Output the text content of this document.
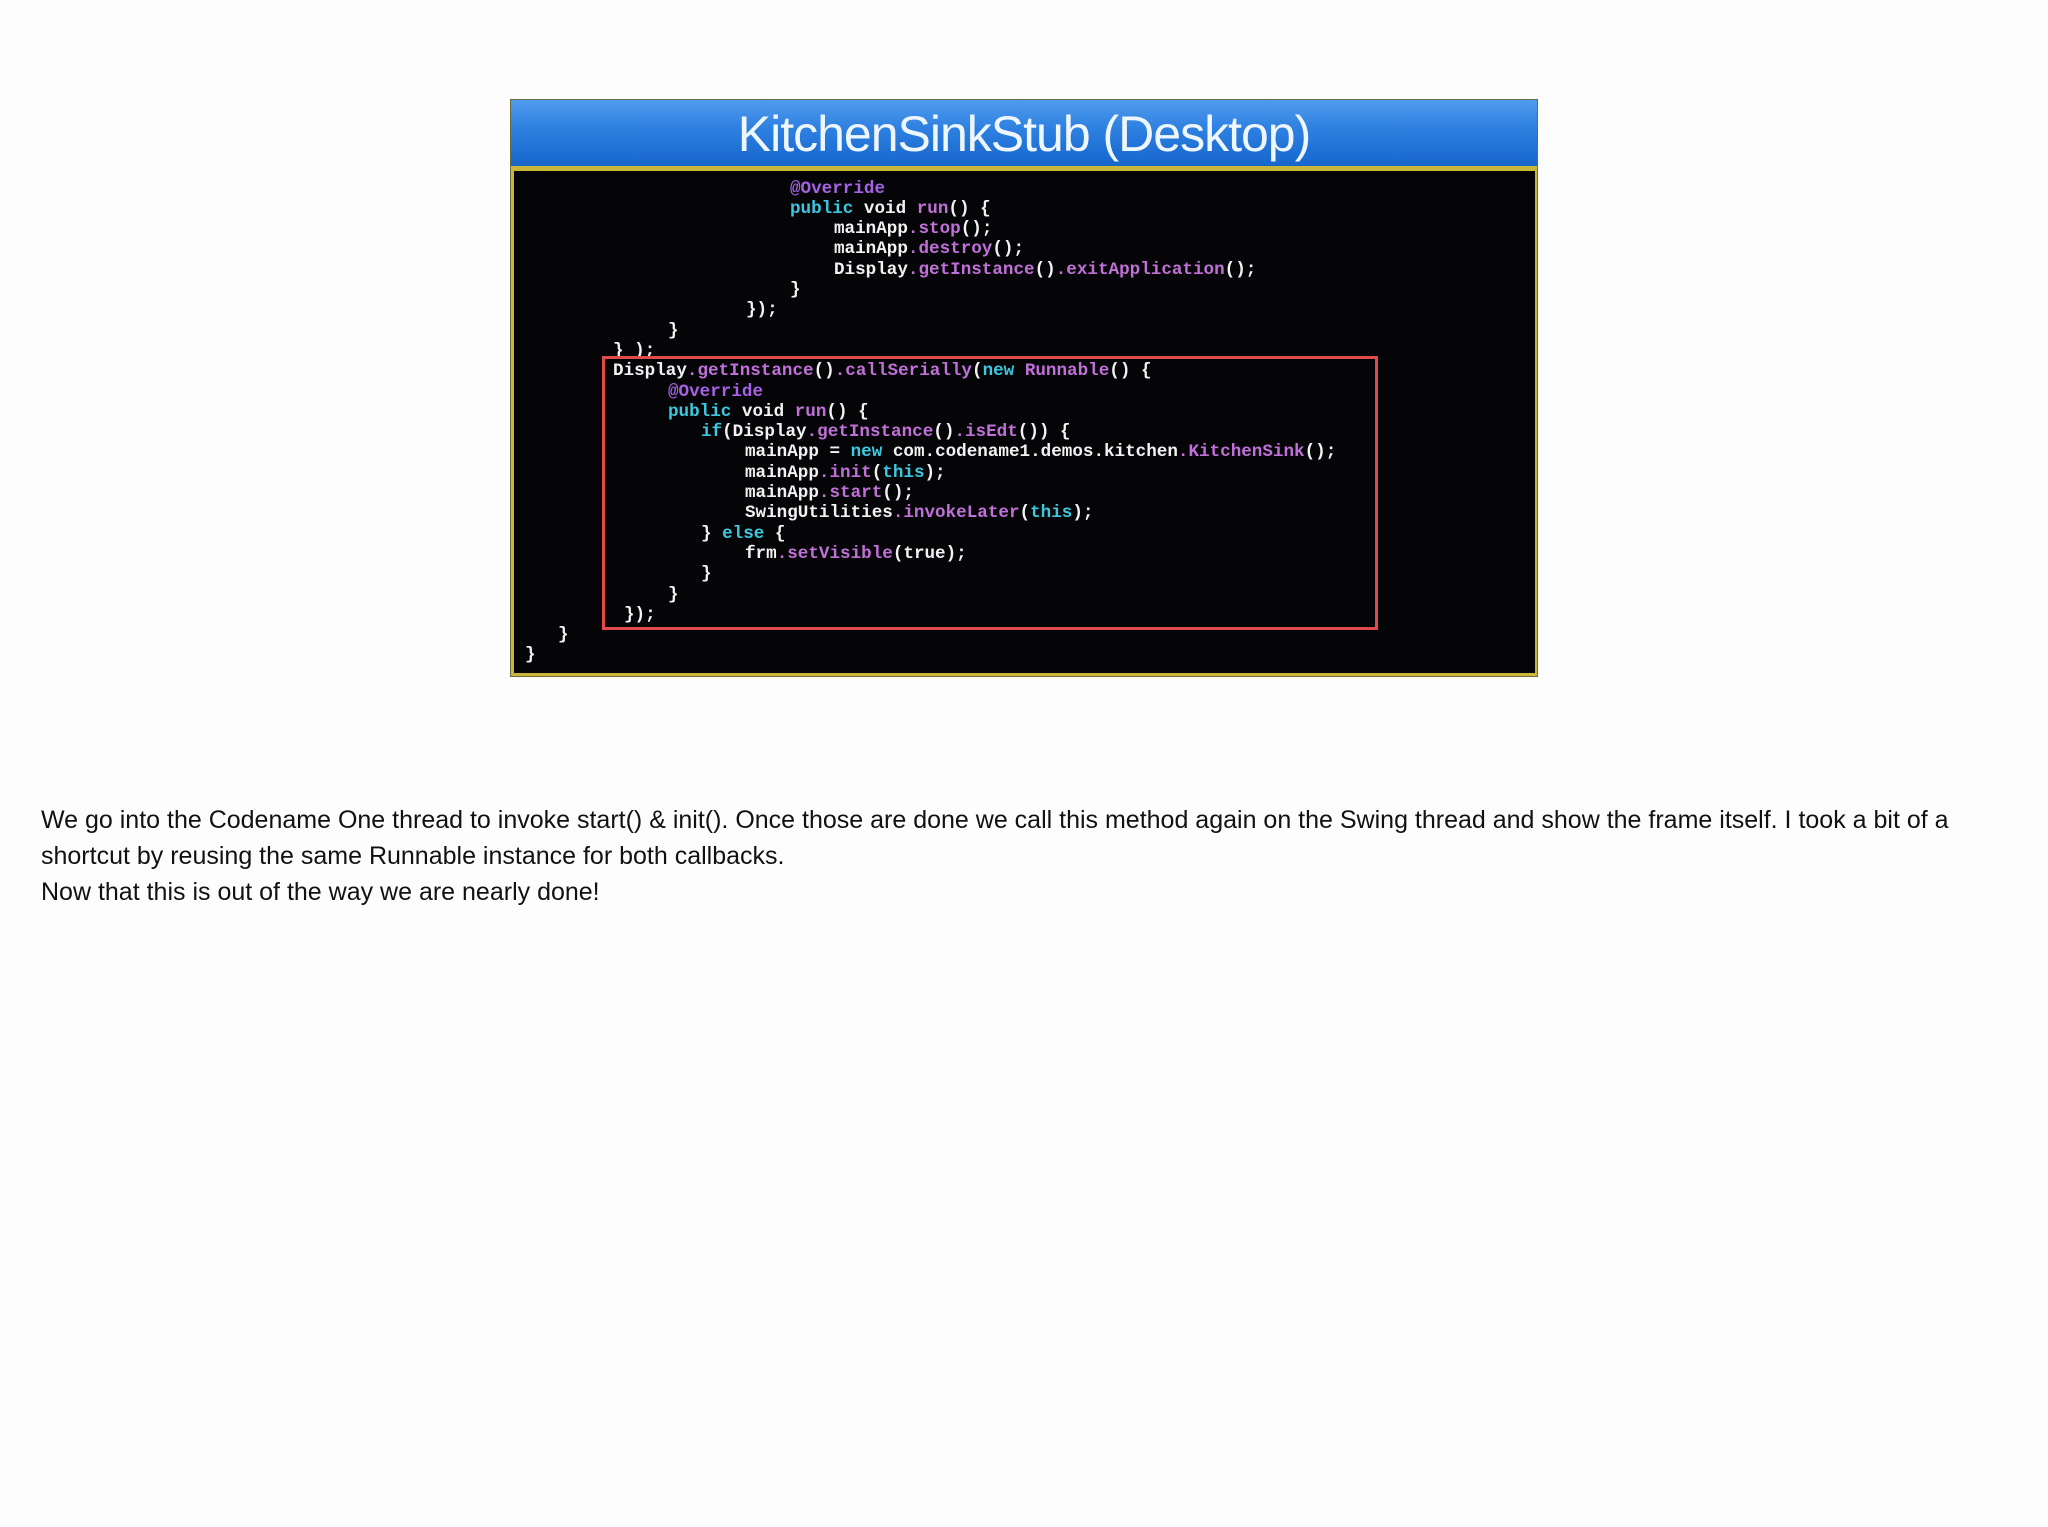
KitchenSinkStub (Desktop)
@Override
public void run() {
mainApp.stop();
mainApp.destroy();
Display.getInstance().exitApplication();
}
});
}
} );
Display.getInstance().callSerially(new Runnable() {
@Override
public void run() {
if(Display.getInstance().isEdt()) {
mainApp = new com.codename1.demos.kitchen.KitchenSink();
mainApp.init(this);
mainApp.start();
SwingUtilities.invokeLater(this);
} else {
frm.setVisible(true);
}
}
});
}
}

We go into the Codename One thread to invoke start() & init(). Once those are done we call this method again on the Swing thread and show the frame itself. I took a bit of a shortcut by reusing the same Runnable instance for both callbacks.

Now that this is out of the way we are nearly done!
